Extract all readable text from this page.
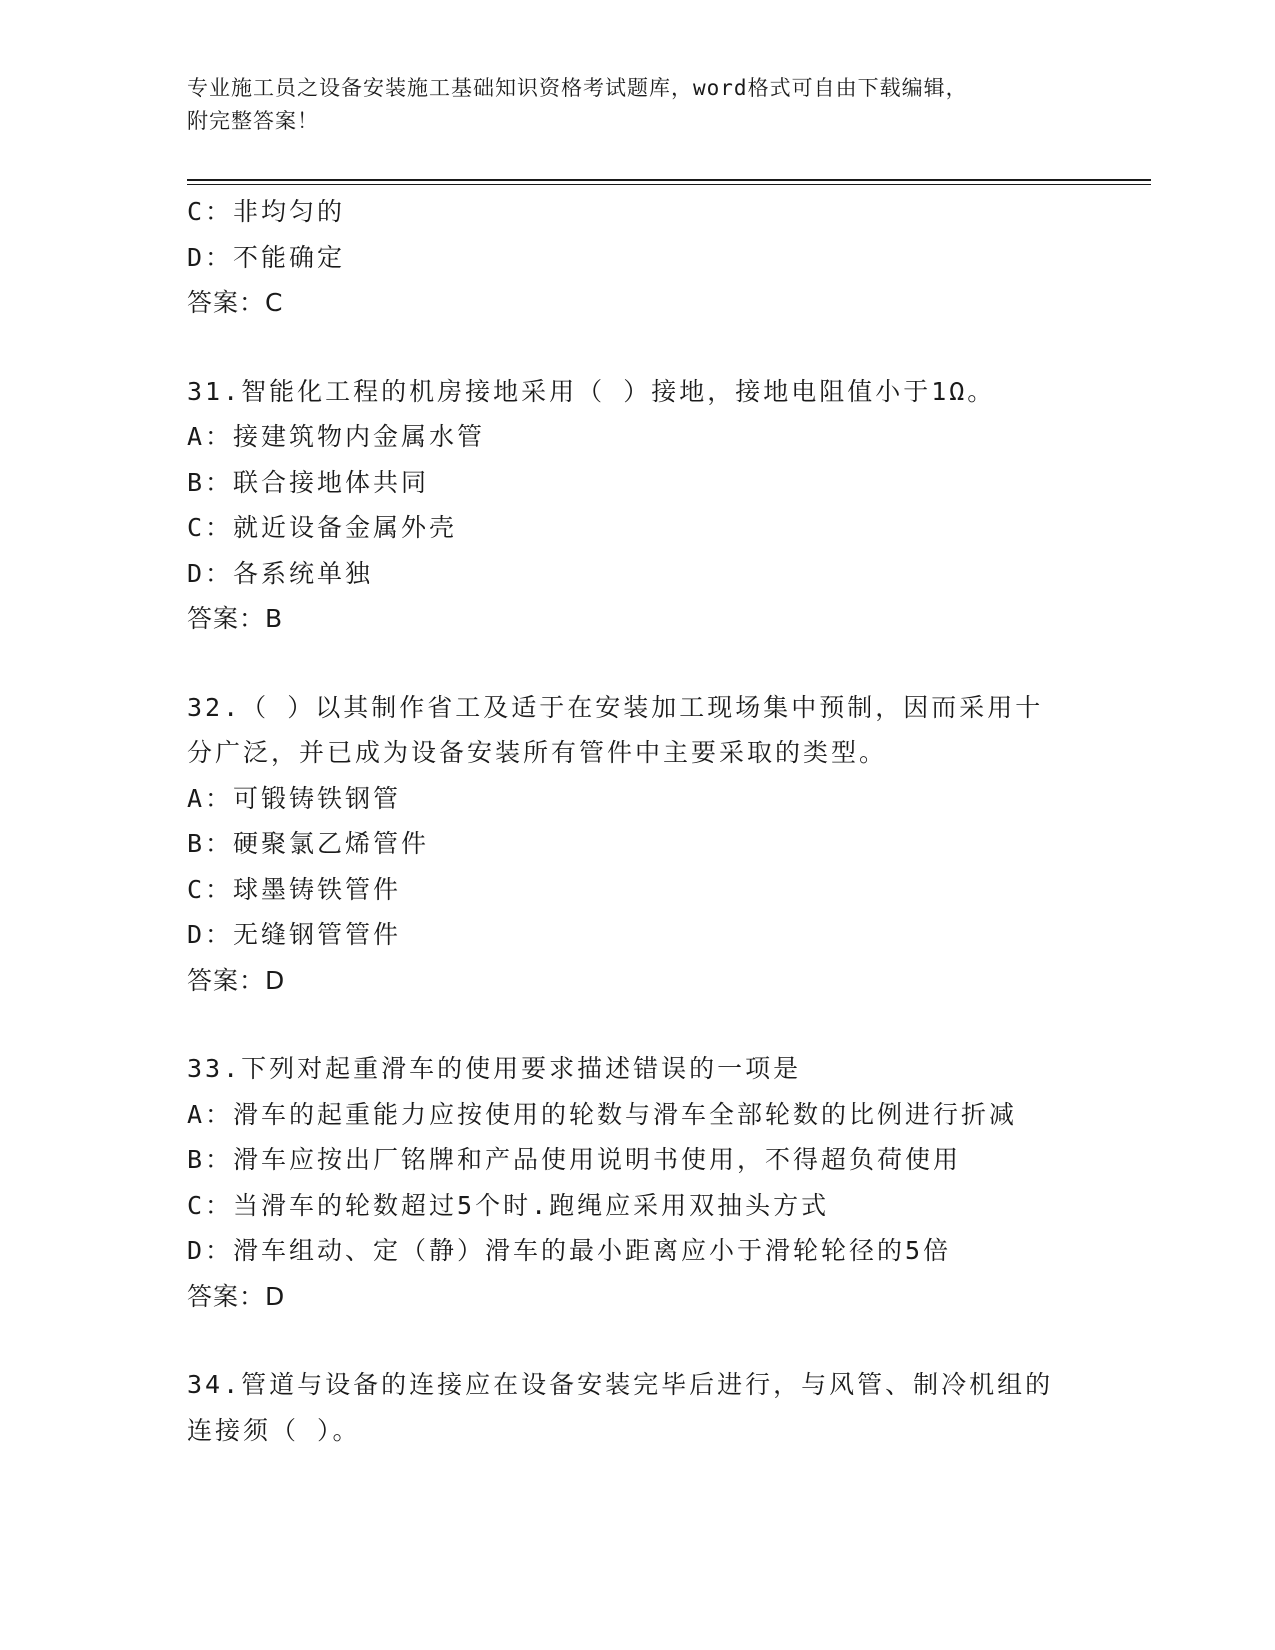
专业施工员之设备安装施工基础知识资格考试题库，word格式可自由下载编辑，
附完整答案！
C：非均匀的
D：不能确定
答案：C
31.智能化工程的机房接地采用（ ）接地，接地电阻值小于1Ω。
A：接建筑物内金属水管
B：联合接地体共同
C：就近设备金属外壳
D：各系统单独
答案：B
32.（ ）以其制作省工及适于在安装加工现场集中预制，因而采用十
分广泛，并已成为设备安装所有管件中主要采取的类型。
A：可锻铸铁钢管
B：硬聚氯乙烯管件
C：球墨铸铁管件
D：无缝钢管管件
答案：D
33.下列对起重滑车的使用要求描述错误的一项是
A：滑车的起重能力应按使用的轮数与滑车全部轮数的比例进行折减
B：滑车应按出厂铭牌和产品使用说明书使用，不得超负荷使用
C：当滑车的轮数超过5个时.跑绳应采用双抽头方式
D：滑车组动、定（静）滑车的最小距离应小于滑轮轮径的5倍
答案：D
34.管道与设备的连接应在设备安装完毕后进行，与风管、制冷机组的
连接须（ ）。
